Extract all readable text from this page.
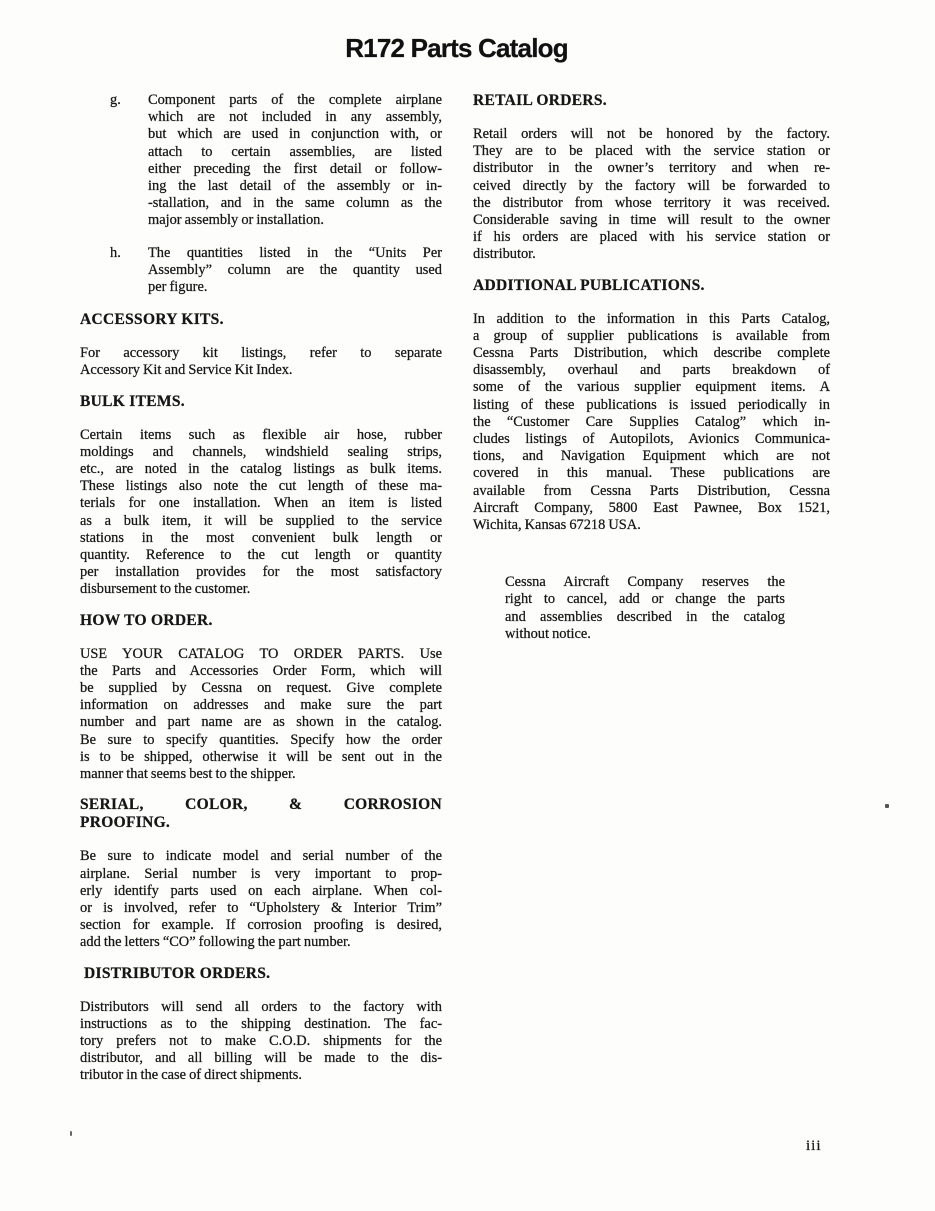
R172 Parts Catalog
g.	Component parts of the complete airplane
which are not included in any assembly,
but which are used in conjunction with, or
attach to certain assemblies, are listed
either preceding the first detail or follow-
ing the last detail of the assembly or in-
-stallation, and in the same column as the
major assembly or installation.
h.	The quantities listed in the “Units Per
Assembly” column are the quantity used
per figure.
ACCESSORY KITS.
For accessory kit listings, refer to separate
Accessory Kit and Service Kit Index.
BULK ITEMS.
Certain items such as flexible air hose, rubber
moldings and channels, windshield sealing strips,
etc., are noted in the catalog listings as bulk items.
These listings also note the cut length of these ma-
terials for one installation. When an item is listed
as a bulk item, it will be supplied to the service
stations in the most convenient bulk length or
quantity. Reference to the cut length or quantity
per installation provides for the most satisfactory
disbursement to the customer.
HOW TO ORDER.
USE YOUR CATALOG TO ORDER PARTS. Use
the Parts and Accessories Order Form, which will
be supplied by Cessna on request. Give complete
information on addresses and make sure the part
number and part name are as shown in the catalog.
Be sure to specify quantities. Specify how the order
is to be shipped, otherwise it will be sent out in the
manner that seems best to the shipper.
SERIAL, COLOR, & CORROSION
PROOFING.
Be sure to indicate model and serial number of the
airplane. Serial number is very important to prop-
erly identify parts used on each airplane. When col-
or is involved, refer to “Upholstery & Interior Trim”
section for example. If corrosion proofing is desired,
add the letters “CO” following the part number.
DISTRIBUTOR ORDERS.
Distributors will send all orders to the factory with
instructions as to the shipping destination. The fac-
tory prefers not to make C.O.D. shipments for the
distributor, and all billing will be made to the dis-
tributor in the case of direct shipments.
RETAIL ORDERS.
Retail orders will not be honored by the factory.
They are to be placed with the service station or
distributor in the owner’s territory and when re-
ceived directly by the factory will be forwarded to
the distributor from whose territory it was received.
Considerable saving in time will result to the owner
if his orders are placed with his service station or
distributor.
ADDITIONAL PUBLICATIONS.
In addition to the information in this Parts Catalog,
a group of supplier publications is available from
Cessna Parts Distribution, which describe complete
disassembly, overhaul and parts breakdown of
some of the various supplier equipment items. A
listing of these publications is issued periodically in
the “Customer Care Supplies Catalog” which in-
cludes listings of Autopilots, Avionics Communica-
tions, and Navigation Equipment which are not
covered in this manual. These publications are
available from Cessna Parts Distribution, Cessna
Aircraft Company, 5800 East Pawnee, Box 1521,
Wichita, Kansas 67218 USA.
Cessna Aircraft Company reserves the
right to cancel, add or change the parts
and assemblies described in the catalog
without notice.
iii
